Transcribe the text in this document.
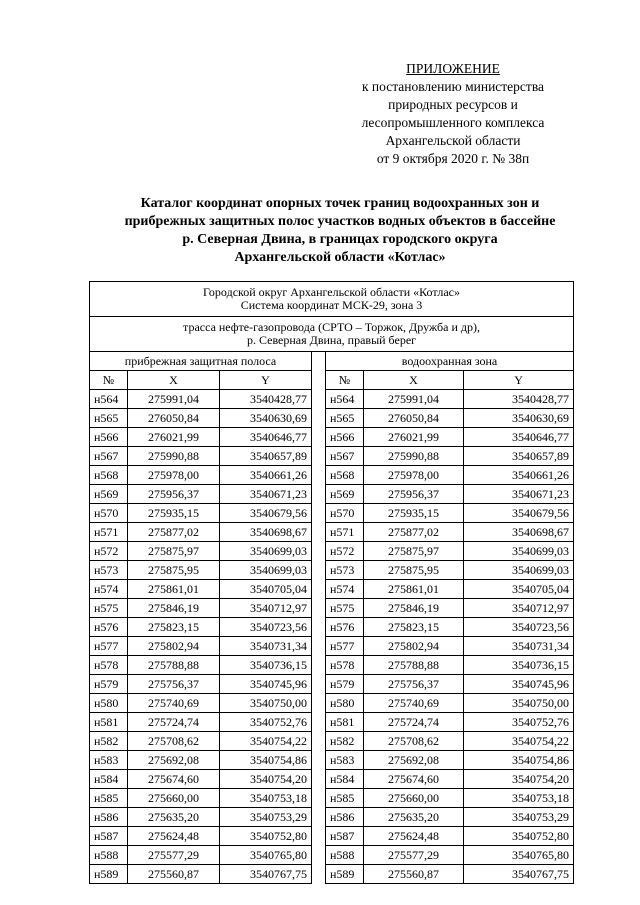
ПРИЛОЖЕНИЕ
к постановлению министерства
природных ресурсов и
лесопромышленного комплекса
Архангельской области
от 9 октября 2020 г. № 38п
Каталог координат опорных точек границ водоохранных зон и
прибрежных защитных полос участков водных объектов в бассейне
р. Северная Двина, в границах городского округа
Архангельской области «Котлас»
Городской округ Архангельской области «Котлас»
Система координат МСК-29, зона 3						

трасса нефте-газопровода (СРТО – Торжок, Дружба и др),
р. Северная Двина, правый берег						

прибрежная защитная полоса				водоохранная зона		
№	X	Y		№	X	Y
н564	275991,04	3540428,77		н564	275991,04	3540428,77
н565	276050,84	3540630,69		н565	276050,84	3540630,69
н566	276021,99	3540646,77		н566	276021,99	3540646,77
н567	275990,88	3540657,89		н567	275990,88	3540657,89
н568	275978,00	3540661,26		н568	275978,00	3540661,26
н569	275956,37	3540671,23		н569	275956,37	3540671,23
н570	275935,15	3540679,56		н570	275935,15	3540679,56
н571	275877,02	3540698,67		н571	275877,02	3540698,67
н572	275875,97	3540699,03		н572	275875,97	3540699,03
н573	275875,95	3540699,03		н573	275875,95	3540699,03
н574	275861,01	3540705,04		н574	275861,01	3540705,04
н575	275846,19	3540712,97		н575	275846,19	3540712,97
н576	275823,15	3540723,56		н576	275823,15	3540723,56
н577	275802,94	3540731,34		н577	275802,94	3540731,34
н578	275788,88	3540736,15		н578	275788,88	3540736,15
н579	275756,37	3540745,96		н579	275756,37	3540745,96
н580	275740,69	3540750,00		н580	275740,69	3540750,00
н581	275724,74	3540752,76		н581	275724,74	3540752,76
н582	275708,62	3540754,22		н582	275708,62	3540754,22
н583	275692,08	3540754,86		н583	275692,08	3540754,86
н584	275674,60	3540754,20		н584	275674,60	3540754,20
н585	275660,00	3540753,18		н585	275660,00	3540753,18
н586	275635,20	3540753,29		н586	275635,20	3540753,29
н587	275624,48	3540752,80		н587	275624,48	3540752,80
н588	275577,29	3540765,80		н588	275577,29	3540765,80
н589	275560,87	3540767,75		н589	275560,87	3540767,75
